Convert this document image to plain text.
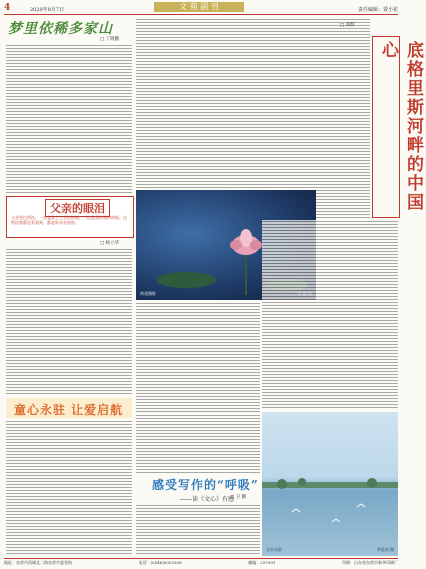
4	2020年8月7日	文 苑 副 刊	责任编辑：贾小花
梦里依稀多家山
□ 丁晓鹏
父亲的眼泪
父亲哭过两次，一次是我上大学的时候，一次是我结婚的时候。这两次我都没有看到，都是听母亲说的。
□ 杨立华
荷花摄影
底格里斯河畔的中国心
□ 刘辉
童心永驻 让爱启航
感受写作的“呼吸”
——读《文心》有感
□ 卫 鹏
水乡风景	李思雨 摄
地址：东营市西城北二路东营市委党校	电话：(0546)8303358	邮编：257091	印刷：山东省东营市新华印刷厂
